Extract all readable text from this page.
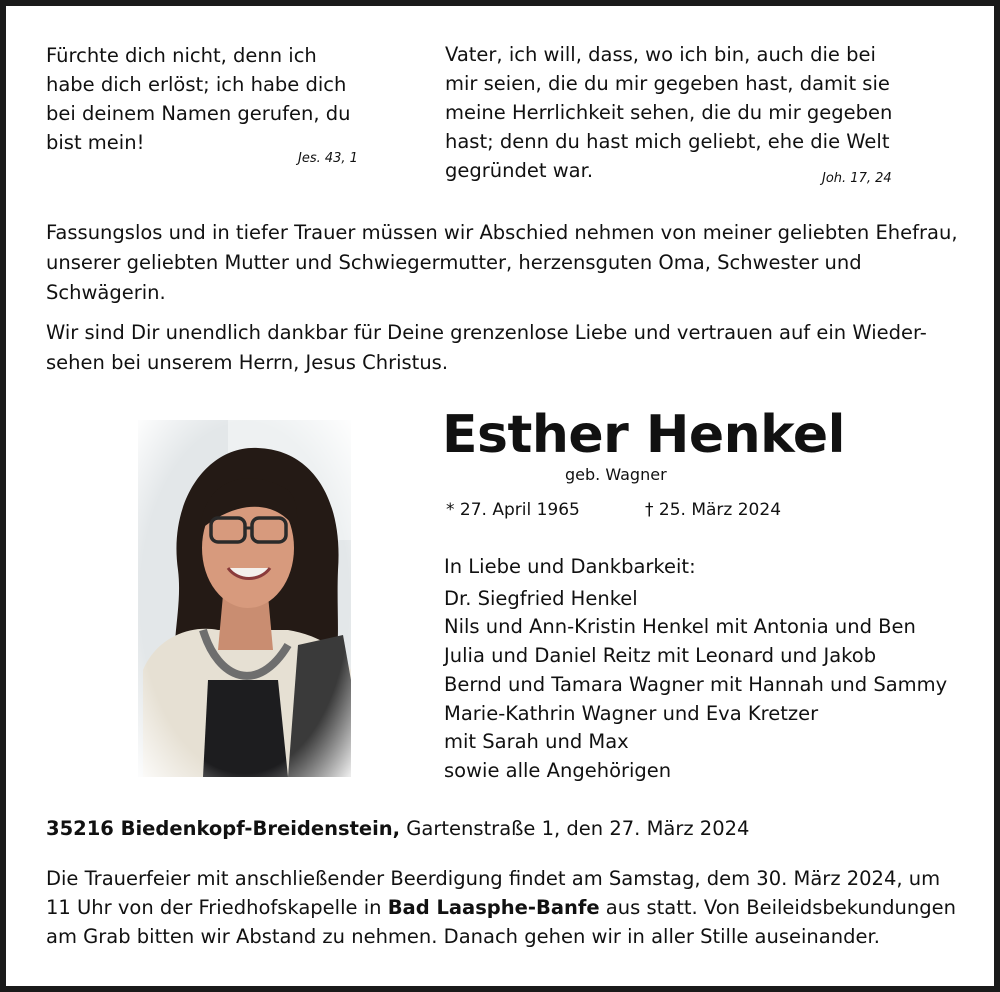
Fürchte dich nicht, denn ich
habe dich erlöst; ich habe dich
bei deinem Namen gerufen, du
bist mein!
Jes. 43, 1
Vater, ich will, dass, wo ich bin, auch die bei
mir seien, die du mir gegeben hast, damit sie
meine Herrlichkeit sehen, die du mir gegeben
hast; denn du hast mich geliebt, ehe die Welt
gegründet war.	Joh. 17, 24
Fassungslos und in tiefer Trauer müssen wir Abschied nehmen von meiner geliebten Ehefrau,
unserer geliebten Mutter und Schwiegermutter, herzensguten Oma, Schwester und
Schwägerin.
Wir sind Dir unendlich dankbar für Deine grenzenlose Liebe und vertrauen auf ein Wieder-
sehen bei unserem Herrn, Jesus Christus.
Esther Henkel
geb. Wagner
* 27. April 1965	† 25. März 2024
In Liebe und Dankbarkeit:
Dr. Siegfried Henkel
Nils und Ann-Kristin Henkel mit Antonia und Ben
Julia und Daniel Reitz mit Leonard und Jakob
Bernd und Tamara Wagner mit Hannah und Sammy
Marie-Kathrin Wagner und Eva Kretzer
mit Sarah und Max
sowie alle Angehörigen
35216 Biedenkopf-Breidenstein, Gartenstraße 1, den 27. März 2024
Die Trauerfeier mit anschließender Beerdigung findet am Samstag, dem 30. März 2024, um 11 Uhr von der Friedhofskapelle in Bad Laasphe-Banfe aus statt. Von Beileidsbekundungen am Grab bitten wir Abstand zu nehmen. Danach gehen wir in aller Stille auseinander.
